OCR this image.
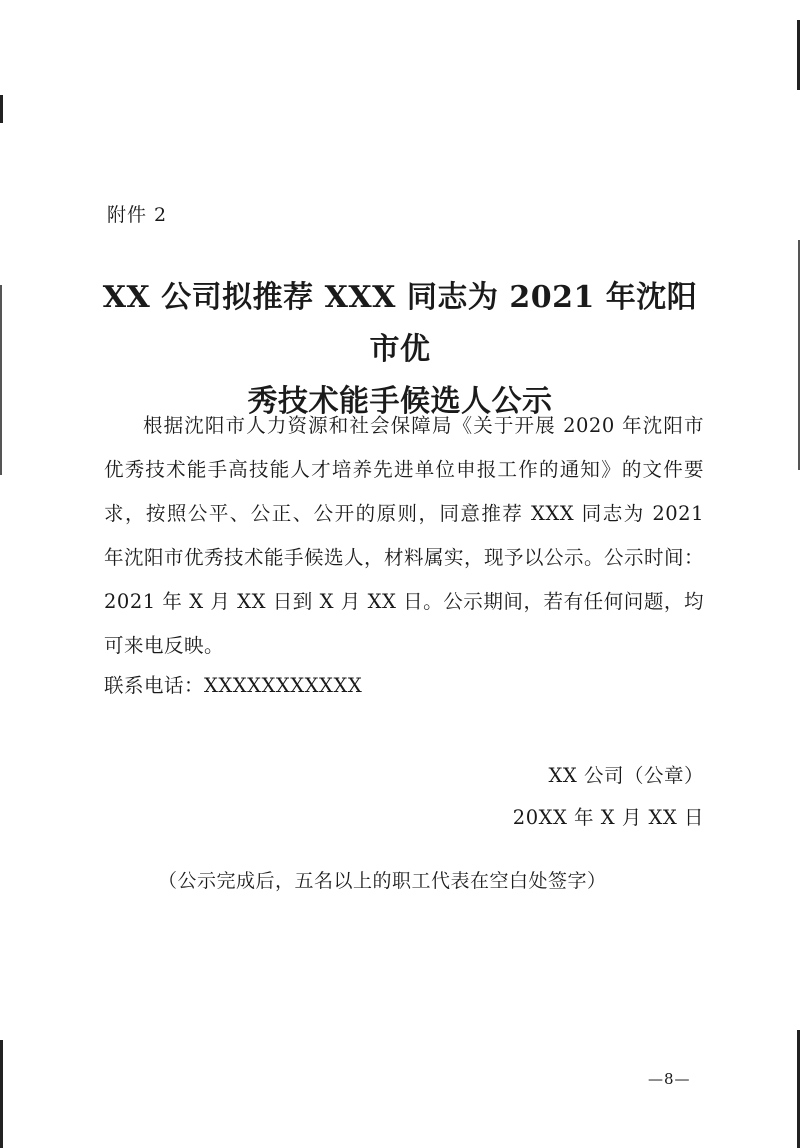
附件 2
XX 公司拟推荐 XXX 同志为 2021 年沈阳市优
秀技术能手候选人公示
根据沈阳市人力资源和社会保障局《关于开展 2020 年沈阳市优秀技术能手高技能人才培养先进单位申报工作的通知》的文件要求，按照公平、公正、公开的原则，同意推荐 XXX 同志为 2021 年沈阳市优秀技术能手候选人，材料属实，现予以公示。公示时间：2021 年 X 月 XX 日到 X 月 XX 日。公示期间，若有任何问题，均可来电反映。
联系电话：XXXXXXXXXXX
XX 公司（公章）
20XX 年 X 月 XX 日
（公示完成后，五名以上的职工代表在空白处签字）
—8—
